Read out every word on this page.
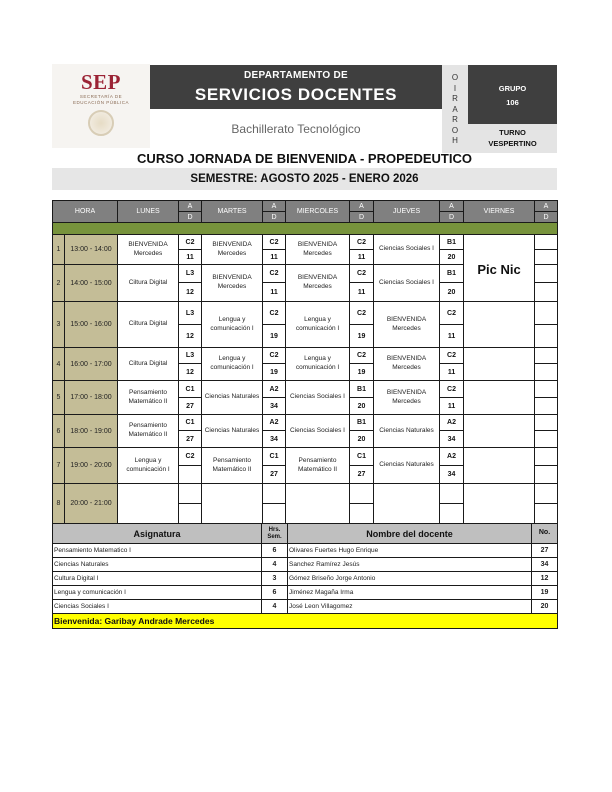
SEP
SECRETARÍA DE
EDUCACIÓN PÚBLICA
DEPARTAMENTO DE
SERVICIOS DOCENTES
Bachillerato Tecnológico
O
I
R
A
R
O
H
GRUPO
106
TURNO
VESPERTINO
CURSO JORNADA DE BIENVENIDA - PROPEDEUTICO
SEMESTRE: AGOSTO 2025 - ENERO 2026
HORA		LUNES	A	MARTES	A	MIERCOLES	A	JUEVES	A	VIERNES	A
			D		D		D		D		D

1	13:00 - 14:00	BIENVENIDA Mercedes	C2	BIENVENIDA Mercedes	C2	BIENVENIDA Mercedes	C2	Ciencias Sociales I	B1	Pic Nic	
			11		11		11		20		
2	14:00 - 15:00	Ciltura Digital	L3	BIENVENIDA Mercedes	C2	BIENVENIDA Mercedes	C2	Ciencias Sociales I	B1		
			12		11		11		20		
3	15:00 - 16:00	Ciltura Digital	L3	Lengua y comunicación I	C2	Lengua y comunicación I	C2	BIENVENIDA Mercedes	C2		
			12		19		19		11		
4	16:00 - 17:00	Ciltura Digital	L3	Lengua y comunicación I	C2	Lengua y comunicación I	C2	BIENVENIDA Mercedes	C2		
			12		19		19		11		
5	17:00 - 18:00	Pensamiento Matemático II	C1	Ciencias Naturales	A2	Ciencias Sociales I	B1	BIENVENIDA Mercedes	C2		
			27		34		20		11		
6	18:00 - 19:00	Pensamiento Matemático II	C1	Ciencias Naturales	A2	Ciencias Sociales I	B1	Ciencias Naturales	A2		
			27		34		20		34		
7	19:00 - 20:00	Lengua y comunicación I	C2	Pensamiento Matemático II	C1	Pensamiento Matemático II	C1	Ciencias Naturales	A2		
					27		27		34		
8	20:00 - 21:00										

Asignatura	Hrs.
Sem.	Nombre del docente	No.
Pensamiento Matematico I	6	Olivares Fuertes Hugo Enrique	27
Ciencias Naturales	4	Sanchez Ramírez Jesús	34
Cultura Digital I	3	Gómez Briseño Jorge Antonio	12
Lengua y comunicación I	6	Jiménez Magaña Irma	19
Ciencias Sociales I	4	José Leon Villagomez	20
Bienvenida: Garibay Andrade Mercedes			
